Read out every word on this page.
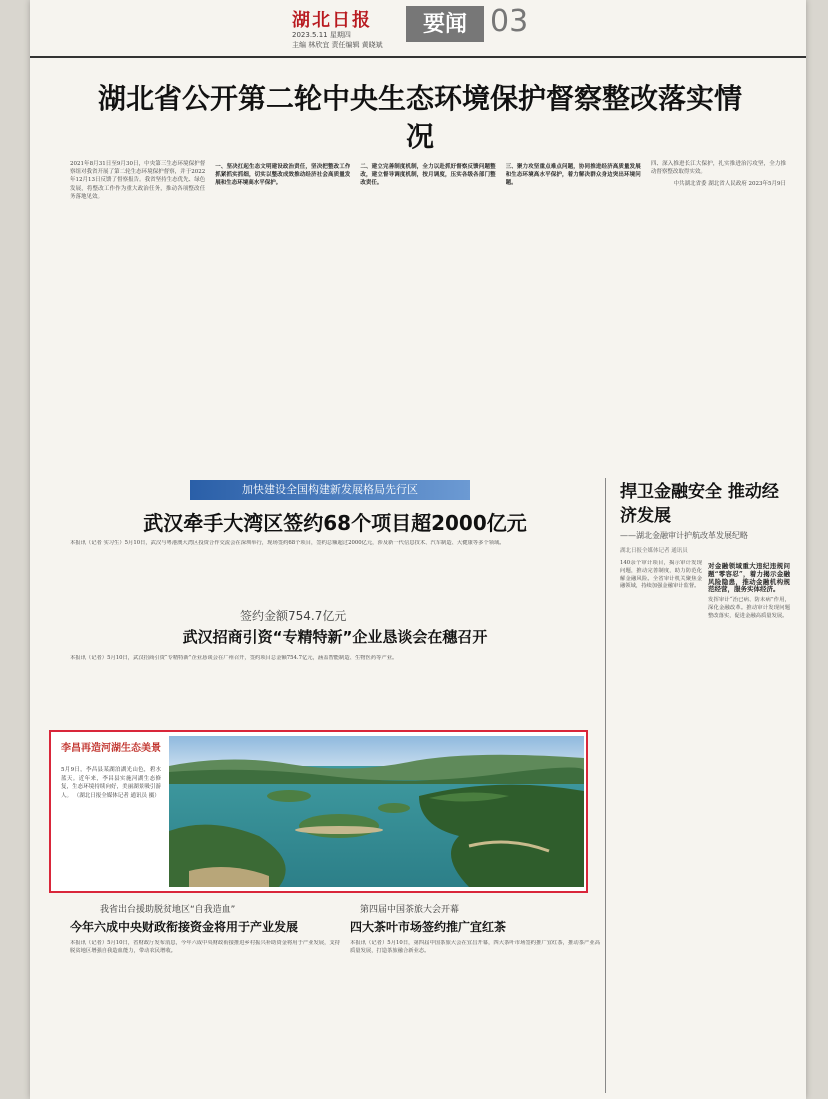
湖北日报
2023.5.11 星期四
主编 林欣宜 责任编辑 黄晓斌
要闻 03
湖北省公开第二轮中央生态环境保护督察整改落实情况
2021年8月31日至9月30日，中央第三生态环境保护督察组对我省开展了第二轮生态环境保护督察，并于2022年12月13日反馈了督察报告。我省坚持生态优先、绿色发展，将整改工作作为重大政治任务，推动各项整改任务落地见效。
一、坚决扛起生态文明建设政治责任，坚决把整改工作抓紧抓实抓细，切实以整改成效推动经济社会高质量发展和生态环境高水平保护。
二、建立完善制度机制，全力以赴抓好督察反馈问题整改，建立督导调度机制，按月调度，压实各级各部门整改责任。
三、聚力攻坚重点难点问题，协同推进经济高质量发展和生态环境高水平保护，着力解决群众身边突出环境问题。
四、深入推进长江大保护，扎实推进治污攻坚，全力推动督察整改取得实效。
中共湖北省委 湖北省人民政府 2023年5月9日
加快建设全国构建新发展格局先行区
武汉牵手大湾区签约68个项目超2000亿元
本报讯（记者 实习生）5月10日，武汉与粤港澳大湾区投资合作交流会在深圳举行，现场签约68个项目，签约总额超过2000亿元，涉及新一代信息技术、汽车制造、大健康等多个领域。
签约金额754.7亿元
武汉招商引资“专精特新”企业恳谈会在穗召开
本报讯（记者）5月10日，武汉招商引资“专精特新”企业恳谈会在广州召开，签约项目总金额754.7亿元，涵盖智能制造、生物医药等产业。
捍卫金融安全 推动经济发展
——湖北金融审计护航改革发展纪略
湖北日报全媒体记者 通讯员
140余个审计项目，揭示审计发现问题，推动完善制度，助力防范化解金融风险。全省审计机关聚焦金融领域，持续加强金融审计监督。
对金融领域重大违纪违规问题“零容忍”，着力揭示金融风险隐患，推动金融机构规范经营，服务实体经济。
发挥审计“治已病、防未病”作用，深化金融改革。推动审计发现问题整改落实，促进金融高质量发展。
李昌再造河湖生态美景
5月9日，李昌县某湖泊湖光山色，碧水蓝天。近年来，李昌县实施河湖生态修复，生态环境持续向好，美丽湖景吸引游人。 （湖北日报全媒体记者 通讯员 摄）
我省出台援助脱贫地区“自我造血”
今年六成中央财政衔接资金将用于产业发展
本报讯（记者）5月10日，省财政厅发布消息，今年六成中央财政衔接推进乡村振兴补助资金将用于产业发展，支持脱贫地区增强自我造血能力，带动农民增收。
第四届中国茶旅大会开幕
四大茶叶市场签约推广宜红茶
本报讯（记者）5月10日，第四届中国茶旅大会在宜昌开幕，四大茶叶市场签约推广宜红茶，推动茶产业高质量发展，打造茶旅融合新业态。
